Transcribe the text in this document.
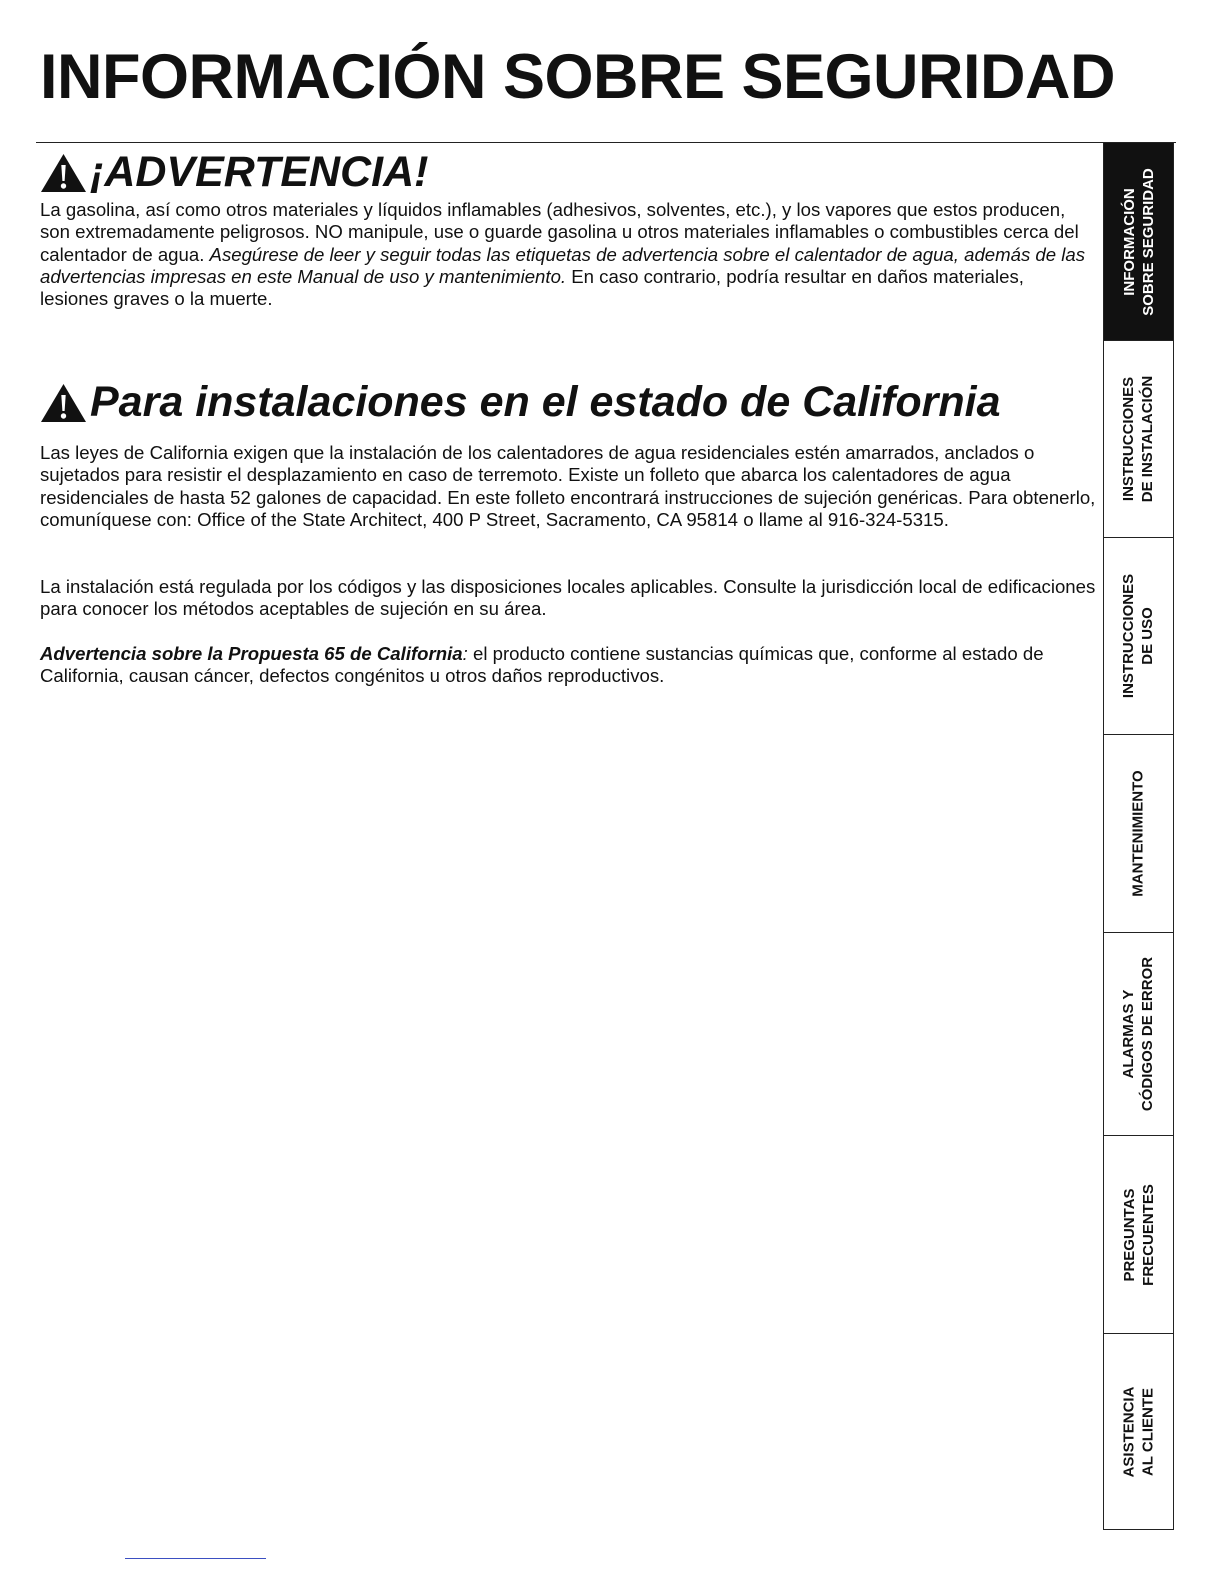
INFORMACIÓN SOBRE SEGURIDAD
¡ADVERTENCIA!

La gasolina, así como otros materiales y líquidos inflamables (adhesivos, solventes, etc.), y los vapores que estos producen, son extremadamente peligrosos. NO manipule, use o guarde gasolina u otros materiales inflamables o combustibles cerca del calentador de agua. Asegúrese de leer y seguir todas las etiquetas de advertencia sobre el calentador de agua, además de las advertencias impresas en este Manual de uso y mantenimiento. En caso contrario, podría resultar en daños materiales, lesiones graves o la muerte.

Para instalaciones en el estado de California

Las leyes de California exigen que la instalación de los calentadores de agua residenciales estén amarrados, anclados o sujetados para resistir el desplazamiento en caso de terremoto. Existe un folleto que abarca los calentadores de agua residenciales de hasta 52 galones de capacidad. En este folleto encontrará instrucciones de sujeción genéricas. Para obtenerlo, comuníquese con: Office of the State Architect, 400 P Street, Sacramento, CA 95814 o llame al 916-324-5315.

La instalación está regulada por los códigos y las disposiciones locales aplicables. Consulte la jurisdicción local de edificaciones para conocer los métodos aceptables de sujeción en su área.

Advertencia sobre la Propuesta 65 de California: el producto contiene sustancias químicas que, conforme al estado de California, causan cáncer, defectos congénitos u otros daños reproductivos.

INFORMACIÓN SOBRE SEGURIDAD
INSTRUCCIONES DE INSTALACIÓN
INSTRUCCIONES DE USO
MANTENIMIENTO
ALARMAS Y CÓDIGOS DE ERROR
PREGUNTAS FRECUENTES
ASISTENCIA AL CLIENTE
